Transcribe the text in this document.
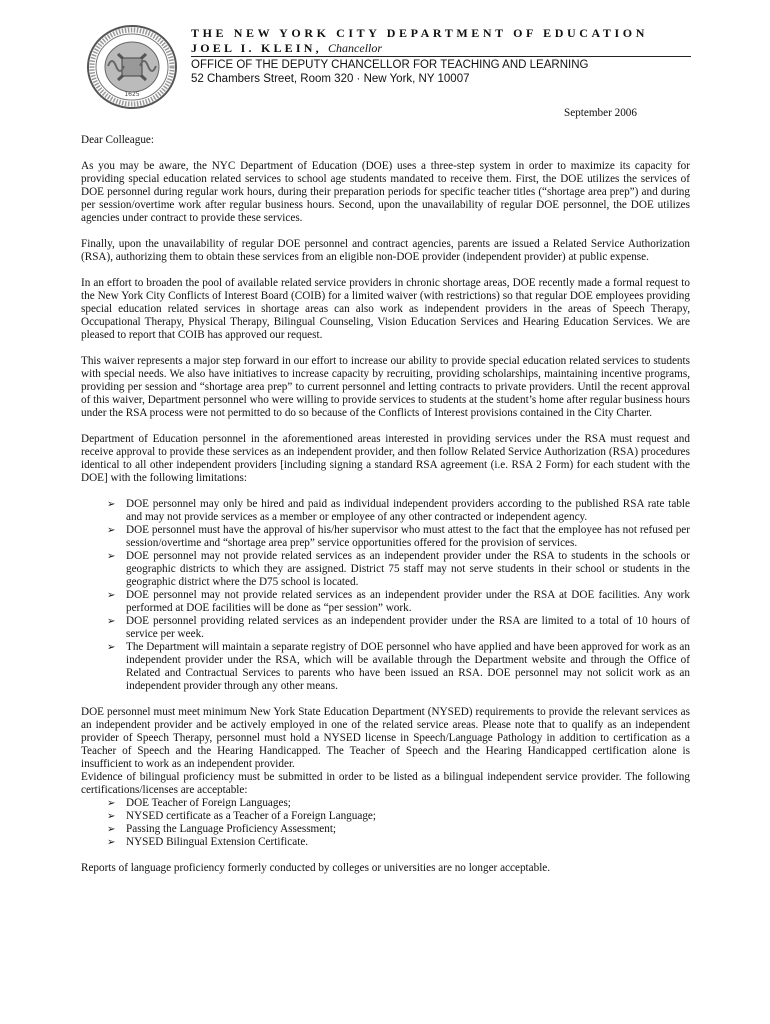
1625
THE NEW YORK CITY DEPARTMENT OF EDUCATION
JOEL I. KLEIN, Chancellor
OFFICE OF THE DEPUTY CHANCELLOR FOR TEACHING AND LEARNING
52 Chambers Street, Room 320 · New York, NY 10007
September 2006
Dear Colleague:

As you may be aware, the NYC Department of Education (DOE) uses a three-step system in order to maximize its capacity for providing special education related services to school age students mandated to receive them. First, the DOE utilizes the services of DOE personnel during regular work hours, during their preparation periods for specific teacher titles (“shortage area prep”) and during per session/overtime work after regular business hours. Second, upon the unavailability of regular DOE personnel, the DOE utilizes agencies under contract to provide these services.

Finally, upon the unavailability of regular DOE personnel and contract agencies, parents are issued a Related Service Authorization (RSA), authorizing them to obtain these services from an eligible non-DOE provider (independent provider) at public expense.

In an effort to broaden the pool of available related service providers in chronic shortage areas, DOE recently made a formal request to the New York City Conflicts of Interest Board (COIB) for a limited waiver (with restrictions) so that regular DOE employees providing special education related services in shortage areas can also work as independent providers in the areas of Speech Therapy, Occupational Therapy, Physical Therapy, Bilingual Counseling, Vision Education Services and Hearing Education Services. We are pleased to report that COIB has approved our request.

This waiver represents a major step forward in our effort to increase our ability to provide special education related services to students with special needs. We also have initiatives to increase capacity by recruiting, providing scholarships, maintaining incentive programs, providing per session and “shortage area prep” to current personnel and letting contracts to private providers. Until the recent approval of this waiver, Department personnel who were willing to provide services to students at the student’s home after regular business hours under the RSA process were not permitted to do so because of the Conflicts of Interest provisions contained in the City Charter.

Department of Education personnel in the aforementioned areas interested in providing services under the RSA must request and receive approval to provide these services as an independent provider, and then follow Related Service Authorization (RSA) procedures identical to all other independent providers [including signing a standard RSA agreement (i.e. RSA 2 Form) for each student with the DOE] with the following limitations:

➢ DOE personnel may only be hired and paid as individual independent providers according to the published RSA rate table and may not provide services as a member or employee of any other contracted or independent agency.
➢ DOE personnel must have the approval of his/her supervisor who must attest to the fact that the employee has not refused per session/overtime and “shortage area prep” service opportunities offered for the provision of services.
➢ DOE personnel may not provide related services as an independent provider under the RSA to students in the schools or geographic districts to which they are assigned. District 75 staff may not serve students in their school or students in the geographic district where the D75 school is located.
➢ DOE personnel may not provide related services as an independent provider under the RSA at DOE facilities. Any work performed at DOE facilities will be done as “per session” work.
➢ DOE personnel providing related services as an independent provider under the RSA are limited to a total of 10 hours of service per week.
➢ The Department will maintain a separate registry of DOE personnel who have applied and have been approved for work as an independent provider under the RSA, which will be available through the Department website and through the Office of Related and Contractual Services to parents who have been issued an RSA. DOE personnel may not solicit work as an independent provider through any other means.

DOE personnel must meet minimum New York State Education Department (NYSED) requirements to provide the relevant services as an independent provider and be actively employed in one of the related service areas. Please note that to qualify as an independent provider of Speech Therapy, personnel must hold a NYSED license in Speech/Language Pathology in addition to certification as a Teacher of Speech and the Hearing Handicapped. The Teacher of Speech and the Hearing Handicapped certification alone is insufficient to work as an independent provider.

Evidence of bilingual proficiency must be submitted in order to be listed as a bilingual independent service provider. The following certifications/licenses are acceptable:

➢ DOE Teacher of Foreign Languages;
➢ NYSED certificate as a Teacher of a Foreign Language;
➢ Passing the Language Proficiency Assessment;
➢ NYSED Bilingual Extension Certificate.

Reports of language proficiency formerly conducted by colleges or universities are no longer acceptable.
